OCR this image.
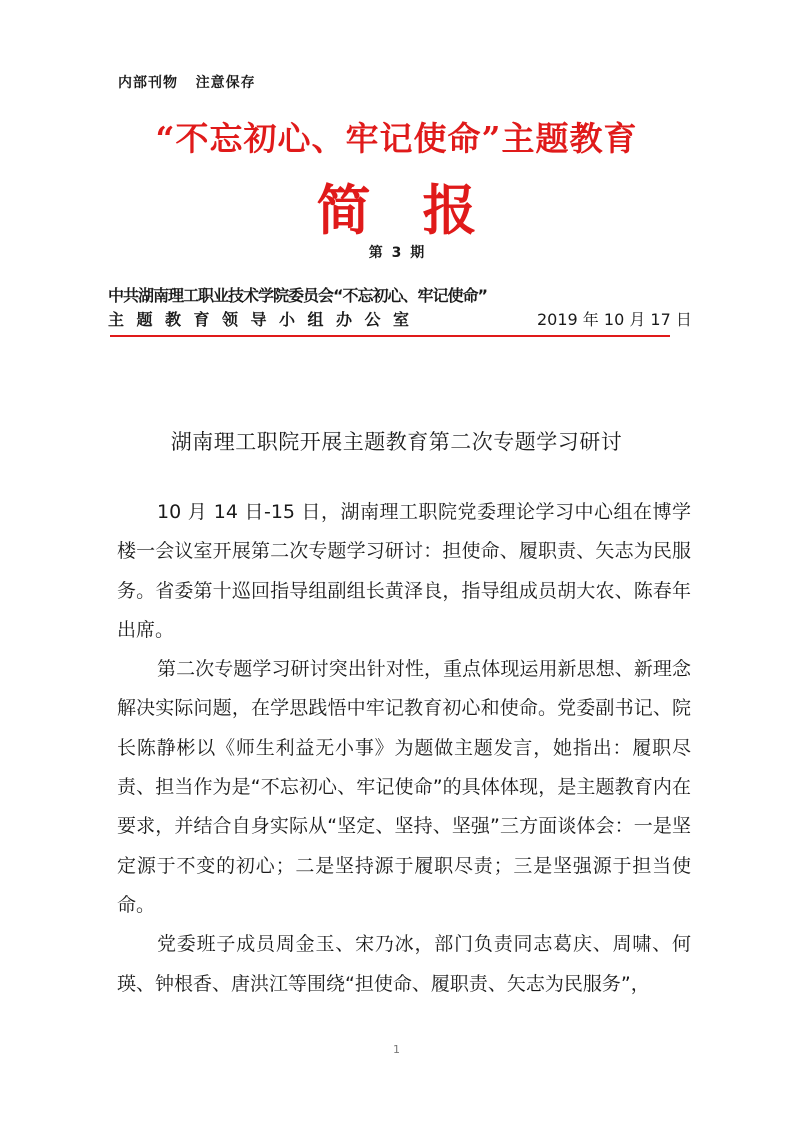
内部刊物   注意保存
“不忘初心、牢记使命”主题教育
简报
第 3 期
中共湖南理工职业技术学院委员会“不忘初心、牢记使命”
主题教育领导小组办公室	2019 年 10 月 17 日
湖南理工职院开展主题教育第二次专题学习研讨

10 月 14 日-15 日，湖南理工职院党委理论学习中心组在博学楼一会议室开展第二次专题学习研讨：担使命、履职责、矢志为民服务。省委第十巡回指导组副组长黄泽良，指导组成员胡大农、陈春年出席。

第二次专题学习研讨突出针对性，重点体现运用新思想、新理念解决实际问题，在学思践悟中牢记教育初心和使命。党委副书记、院长陈静彬以《师生利益无小事》为题做主题发言，她指出：履职尽责、担当作为是“不忘初心、牢记使命”的具体体现，是主题教育内在要求，并结合自身实际从“坚定、坚持、坚强”三方面谈体会：一是坚定源于不变的初心；二是坚持源于履职尽责；三是坚强源于担当使命。

党委班子成员周金玉、宋乃冰，部门负责同志葛庆、周啸、何瑛、钟根香、唐洪江等围绕“担使命、履职责、矢志为民服务”，

1
